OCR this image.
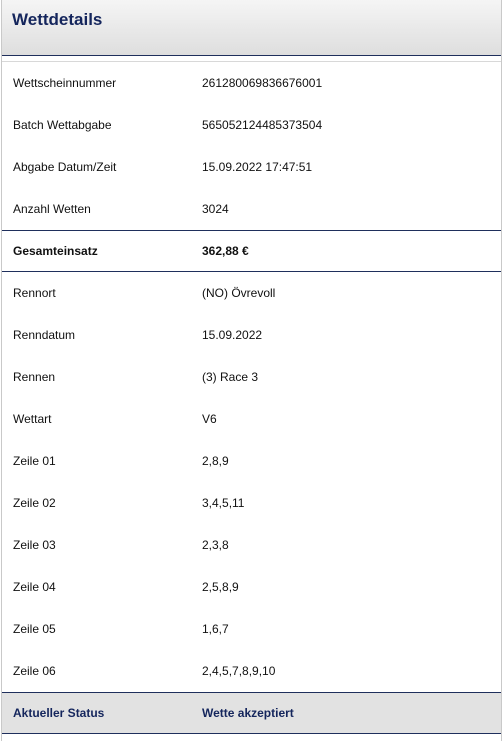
Wettdetails
Wettscheinnummer	261280069836676001
Batch Wettabgabe	565052124485373504
Abgabe Datum/Zeit	15.09.2022 17:47:51
Anzahl Wetten	3024
Gesamteinsatz	362,88 €
Rennort	(NO) Övrevoll
Renndatum	15.09.2022
Rennen	(3) Race 3
Wettart	V6
Zeile 01	2,8,9
Zeile 02	3,4,5,11
Zeile 03	2,3,8
Zeile 04	2,5,8,9
Zeile 05	1,6,7
Zeile 06	2,4,5,7,8,9,10
Aktueller Status	Wette akzeptiert
